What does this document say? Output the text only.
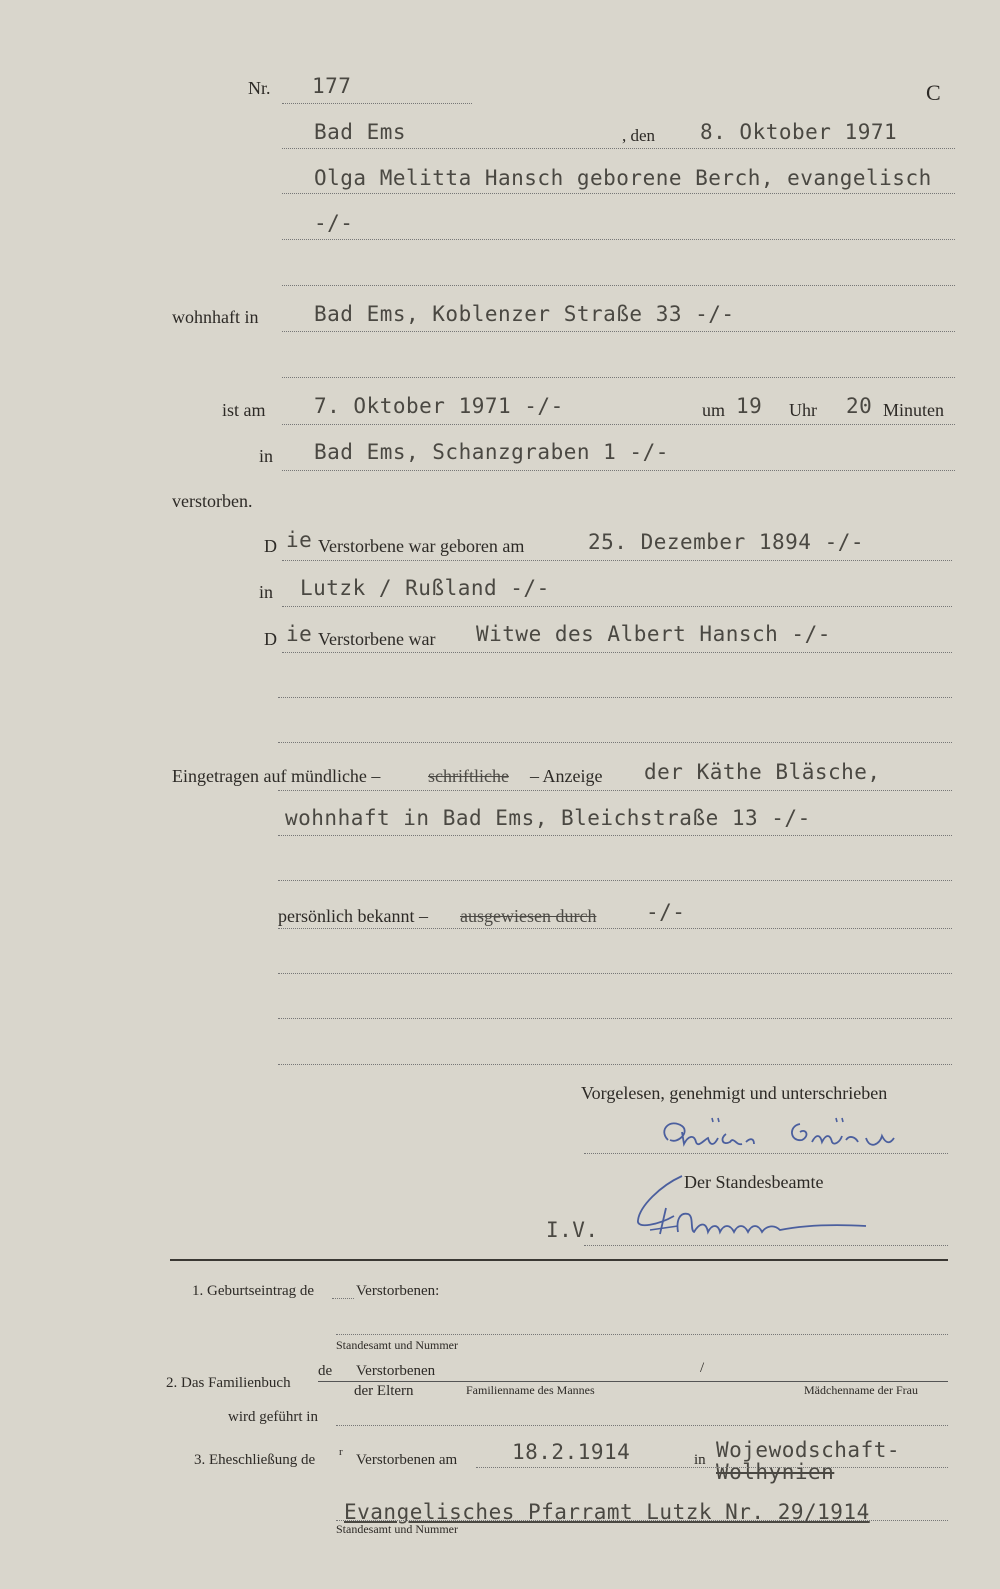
Nr. 177	C
Bad Ems	, den 8. Oktober 1971
Olga Melitta Hansch geborene Berch, evangelisch
-/-
wohnhaft in	Bad Ems, Koblenzer Straße 33 -/-
ist am 7. Oktober 1971 -/-	um 19 Uhr 20 Minuten
in Bad Ems, Schanzgraben 1 -/-
verstorben.
D ie Verstorbene war geboren am	25. Dezember 1894 -/-
in Lutzk / Rußland -/-
D ie Verstorbene war Witwe des Albert Hansch -/-
Eingetragen auf mündliche –	schriftliche – Anzeige der Käthe Bläsche,
wohnhaft in Bad Ems, Bleichstraße 13 -/-
persönlich bekannt – ausgewiesen durch -/-
Vorgelesen, genehmigt und unterschrieben
Der Standesbeamte
I.V.
1. Geburtseintrag de	Verstorbenen:
Standesamt und Nummer
2. Das Familienbuch
de Verstorbenen	/
der Eltern	Familienname des Mannes	Mädchenname der Frau
wird geführt in
3. Eheschließung de r Verstorbenen am	18.2.1914	in Wojewodschaft-
Wolhynien
Evangelisches Pfarramt Lutzk Nr. 29/1914
Standesamt und Nummer
